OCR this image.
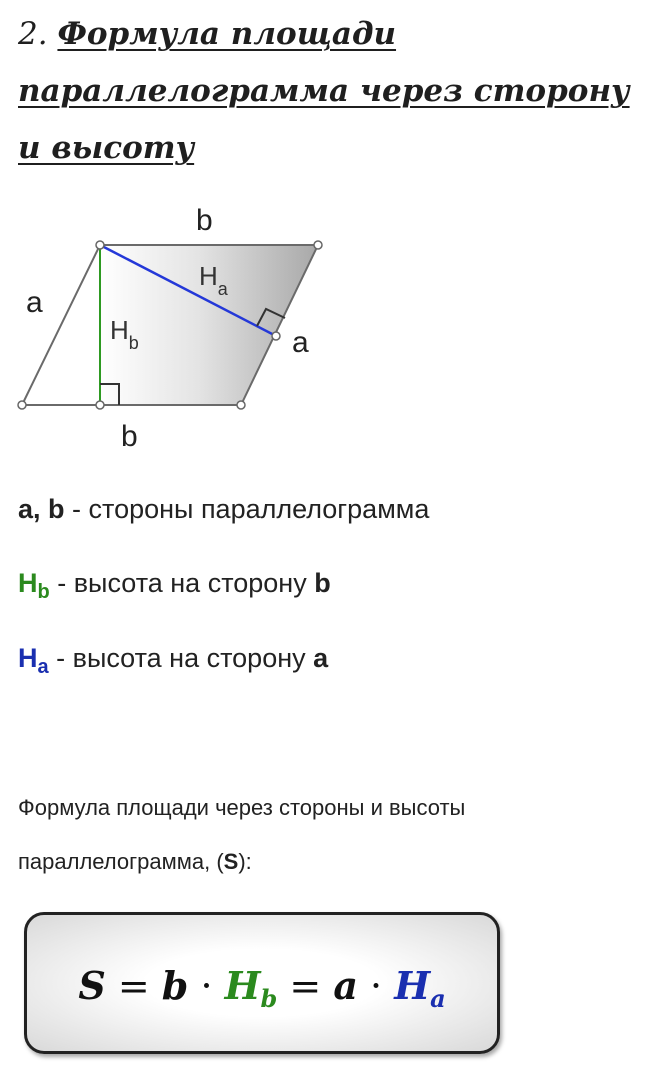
2. Формула площади параллелограмма через сторону и высоту
b
b
a
a
$H_a$
$H_b$
a, b - стороны параллелограмма
$H_b$ - высота на сторону b
$H_a$ - высота на сторону a
Формула площади через стороны и высоты
параллелограмма, (S):
$S = b \cdot H_b = a \cdot H_a$
